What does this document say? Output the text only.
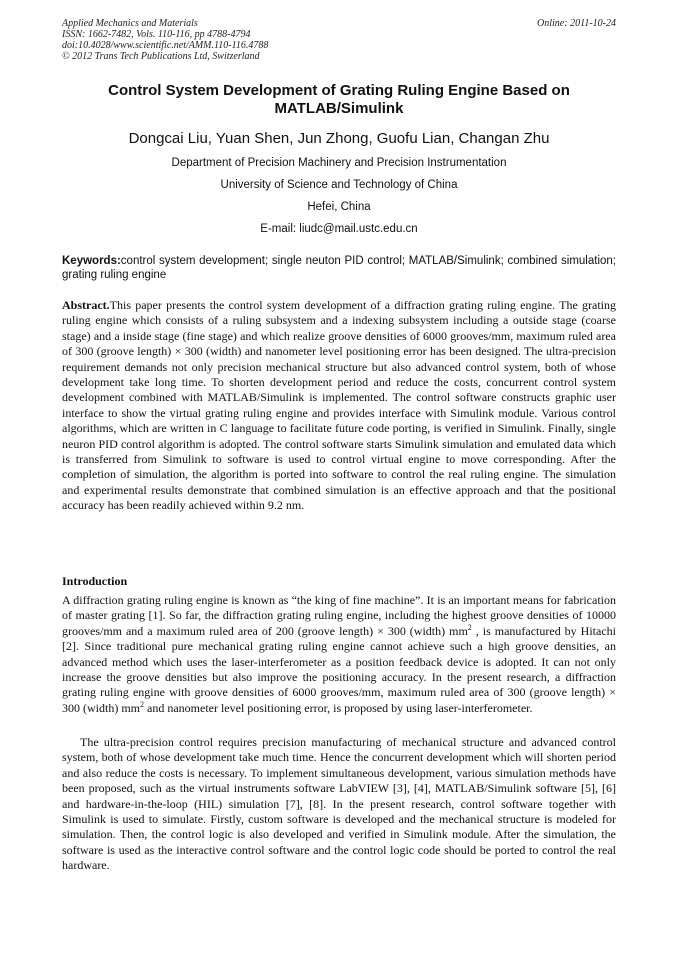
Applied Mechanics and Materials
ISSN: 1662-7482, Vols. 110-116, pp 4788-4794
doi:10.4028/www.scientific.net/AMM.110-116.4788
© 2012 Trans Tech Publications Ltd, Switzerland
Online: 2011-10-24
Control System Development of Grating Ruling Engine Based on MATLAB/Simulink
Dongcai Liu, Yuan Shen, Jun Zhong, Guofu Lian, Changan Zhu
Department of Precision Machinery and Precision Instrumentation
University of Science and Technology of China
Hefei, China
E-mail: liudc@mail.ustc.edu.cn
Keywords:control system development; single neuton PID control; MATLAB/Simulink; combined simulation; grating ruling engine
Abstract.This paper presents the control system development of a diffraction grating ruling engine. The grating ruling engine which consists of a ruling subsystem and a indexing subsystem including a outside stage (coarse stage) and a inside stage (fine stage) and which realize groove densities of 6000 grooves/mm, maximum ruled area of 300 (groove length) × 300 (width) and nanometer level positioning error has been designed. The ultra-precision requirement demands not only precision mechanical structure but also advanced control system, both of whose development take long time. To shorten development period and reduce the costs, concurrent control system development combined with MATLAB/Simulink is implemented. The control software constructs graphic user interface to show the virtual grating ruling engine and provides interface with Simulink module. Various control algorithms, which are written in C language to facilitate future code porting, is verified in Simulink. Finally, single neuron PID control algorithm is adopted. The control software starts Simulink simulation and emulated data which is transferred from Simulink to software is used to control virtual engine to move corresponding. After the completion of simulation, the algorithm is ported into software to control the real ruling engine. The simulation and experimental results demonstrate that combined simulation is an effective approach and that the positional accuracy has been readily achieved within 9.2 nm.
Introduction

A diffraction grating ruling engine is known as “the king of fine machine”. It is an important means for fabrication of master grating [1]. So far, the diffraction grating ruling engine, including the highest groove densities of 10000 grooves/mm and a maximum ruled area of 200 (groove length) × 300 (width) $mm^2$ , is manufactured by Hitachi [2]. Since traditional pure mechanical grating ruling engine cannot achieve such a high groove densities, an advanced method which uses the laser-interferometer as a position feedback device is adopted. It can not only increase the groove densities but also improve the positioning accuracy. In the present research, a diffraction grating ruling engine with groove densities of 6000 grooves/mm, maximum ruled area of 300 (groove length) × 300 (width) $mm^2$ and nanometer level positioning error, is proposed by using laser-interferometer.

The ultra-precision control requires precision manufacturing of mechanical structure and advanced control system, both of whose development take much time. Hence the concurrent development which will shorten period and also reduce the costs is necessary. To implement simultaneous development, various simulation methods have been proposed, such as the virtual instruments software LabVIEW [3], [4], MATLAB/Simulink software [5], [6] and hardware-in-the-loop (HIL) simulation [7], [8]. In the present research, control software together with Simulink is used to simulate. Firstly, custom software is developed and the mechanical structure is modeled for simulation. Then, the control logic is also developed and verified in Simulink module. After the simulation, the software is used as the interactive control software and the control logic code should be ported to control the real hardware.
